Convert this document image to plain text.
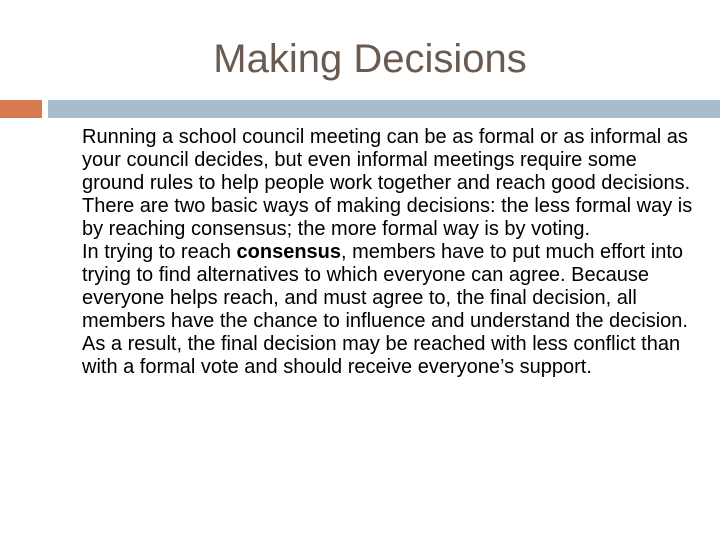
Making Decisions

Running a school council meeting can be as formal or as informal as your council decides, but even informal meetings require some ground rules to help people work together and reach good decisions.

There are two basic ways of making decisions: the less formal way is by reaching consensus; the more formal way is by voting.

In trying to reach consensus, members have to put much effort into trying to find alternatives to which everyone can agree. Because everyone helps reach, and must agree to, the final decision, all members have the chance to influence and understand the decision. As a result, the final decision may be reached with less conflict than with a formal vote and should receive everyone’s support.
